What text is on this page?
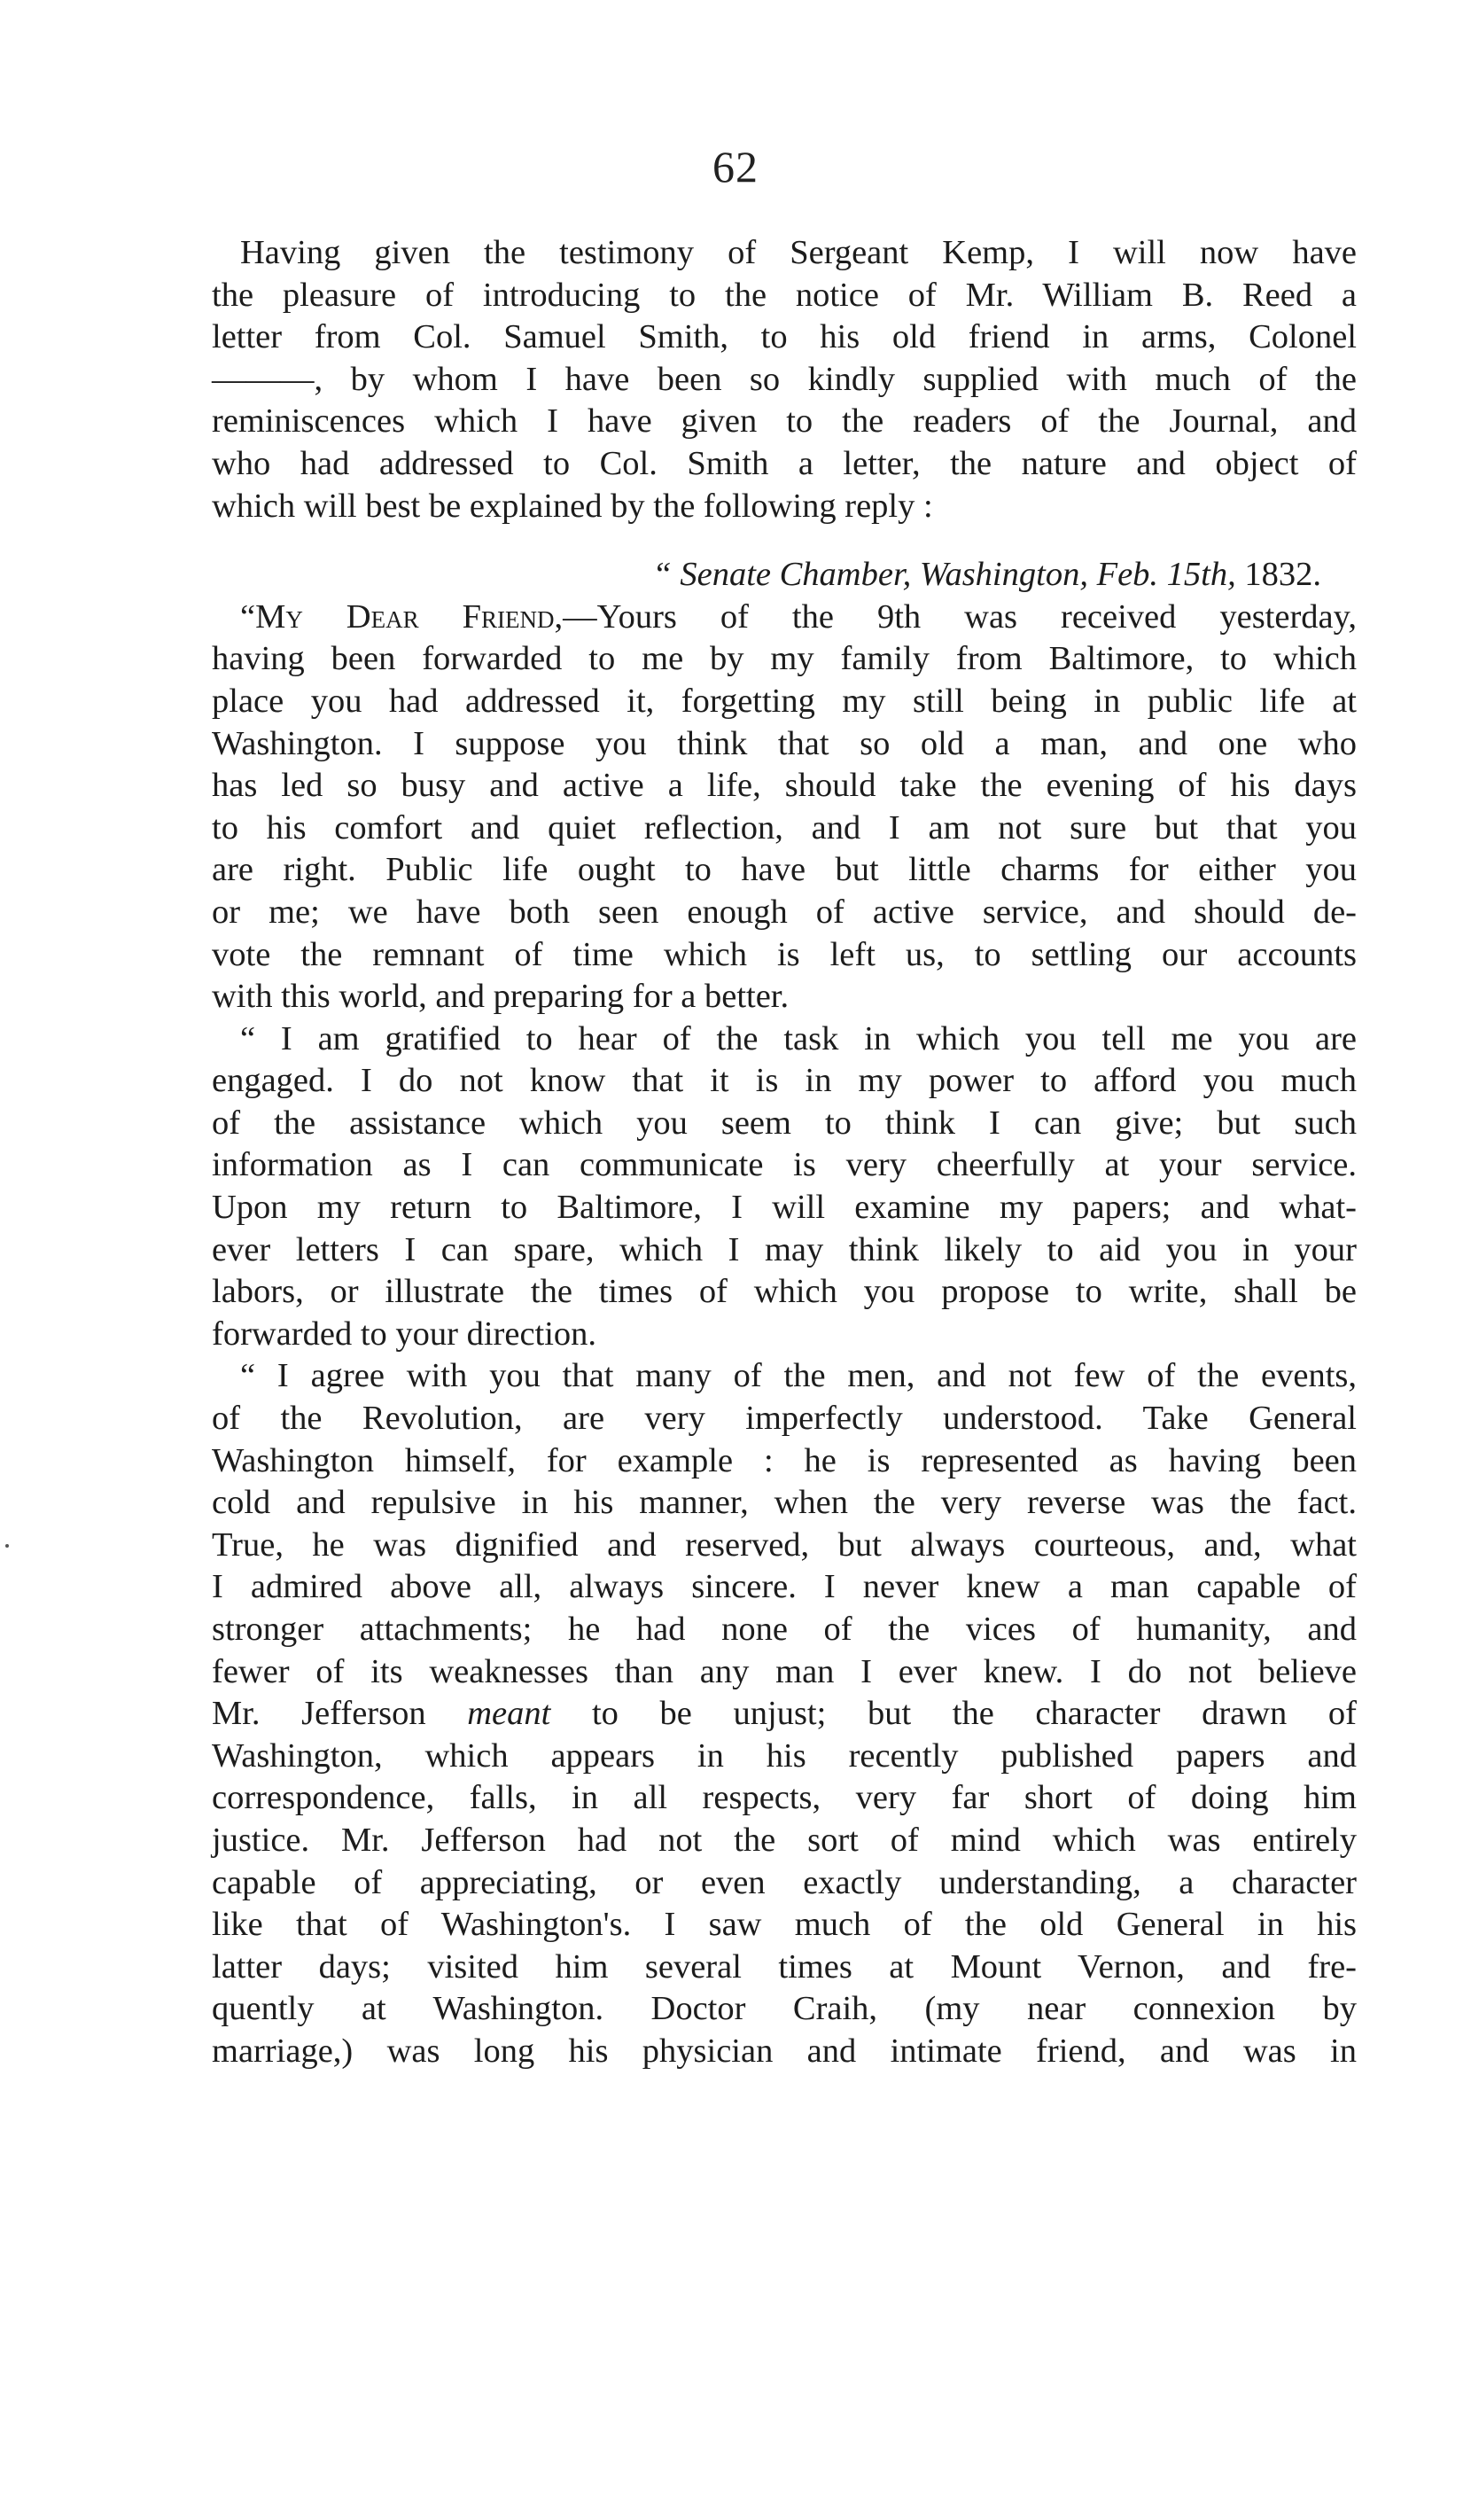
62
Having given the testimony of Sergeant Kemp, I will now have
the pleasure of introducing to the notice of Mr. William B. Reed a
letter from Col. Samuel Smith, to his old friend in arms, Colonel
———, by whom I have been so kindly supplied with much of the
reminiscences which I have given to the readers of the Journal, and
who had addressed to Col. Smith a letter, the nature and object of
which will best be explained by the following reply :
“ Senate Chamber, Washington, Feb. 15th, 1832.
“My Dear Friend,—Yours of the 9th was received yesterday,
having been forwarded to me by my family from Baltimore, to which
place you had addressed it, forgetting my still being in public life at
Washington. I suppose you think that so old a man, and one who
has led so busy and active a life, should take the evening of his days
to his comfort and quiet reflection, and I am not sure but that you
are right. Public life ought to have but little charms for either you
or me; we have both seen enough of active service, and should de-
vote the remnant of time which is left us, to settling our accounts
with this world, and preparing for a better.
“ I am gratified to hear of the task in which you tell me you are
engaged. I do not know that it is in my power to afford you much
of the assistance which you seem to think I can give; but such
information as I can communicate is very cheerfully at your service.
Upon my return to Baltimore, I will examine my papers; and what-
ever letters I can spare, which I may think likely to aid you in your
labors, or illustrate the times of which you propose to write, shall be
forwarded to your direction.
“ I agree with you that many of the men, and not few of the events,
of the Revolution, are very imperfectly understood. Take General
Washington himself, for example : he is represented as having been
cold and repulsive in his manner, when the very reverse was the fact.
True, he was dignified and reserved, but always courteous, and, what
I admired above all, always sincere. I never knew a man capable of
stronger attachments; he had none of the vices of humanity, and
fewer of its weaknesses than any man I ever knew. I do not believe
Mr. Jefferson meant to be unjust; but the character drawn of
Washington, which appears in his recently published papers and
correspondence, falls, in all respects, very far short of doing him
justice. Mr. Jefferson had not the sort of mind which was entirely
capable of appreciating, or even exactly understanding, a character
like that of Washington's. I saw much of the old General in his
latter days; visited him several times at Mount Vernon, and fre-
quently at Washington. Doctor Craih, (my near connexion by
marriage,) was long his physician and intimate friend, and was in
